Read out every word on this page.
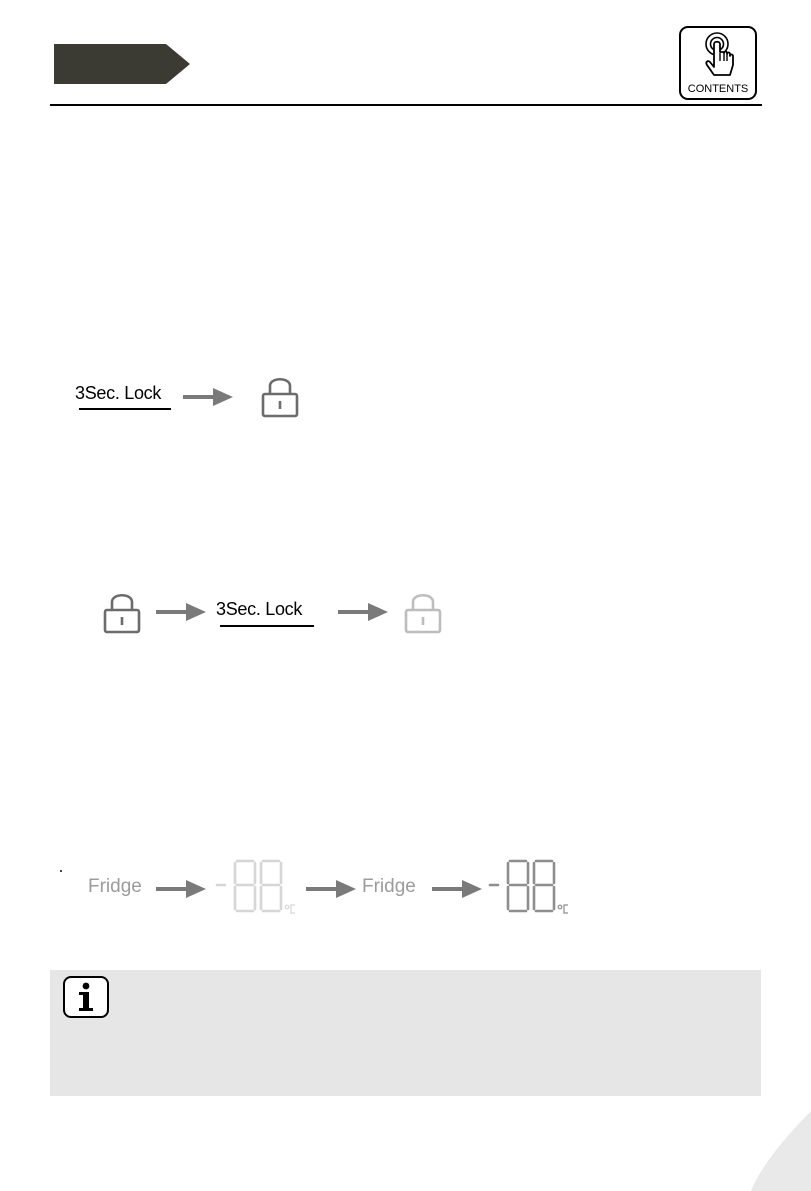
CONTENTS
3Sec. Lock
3Sec. Lock
Fridge	Fridge
